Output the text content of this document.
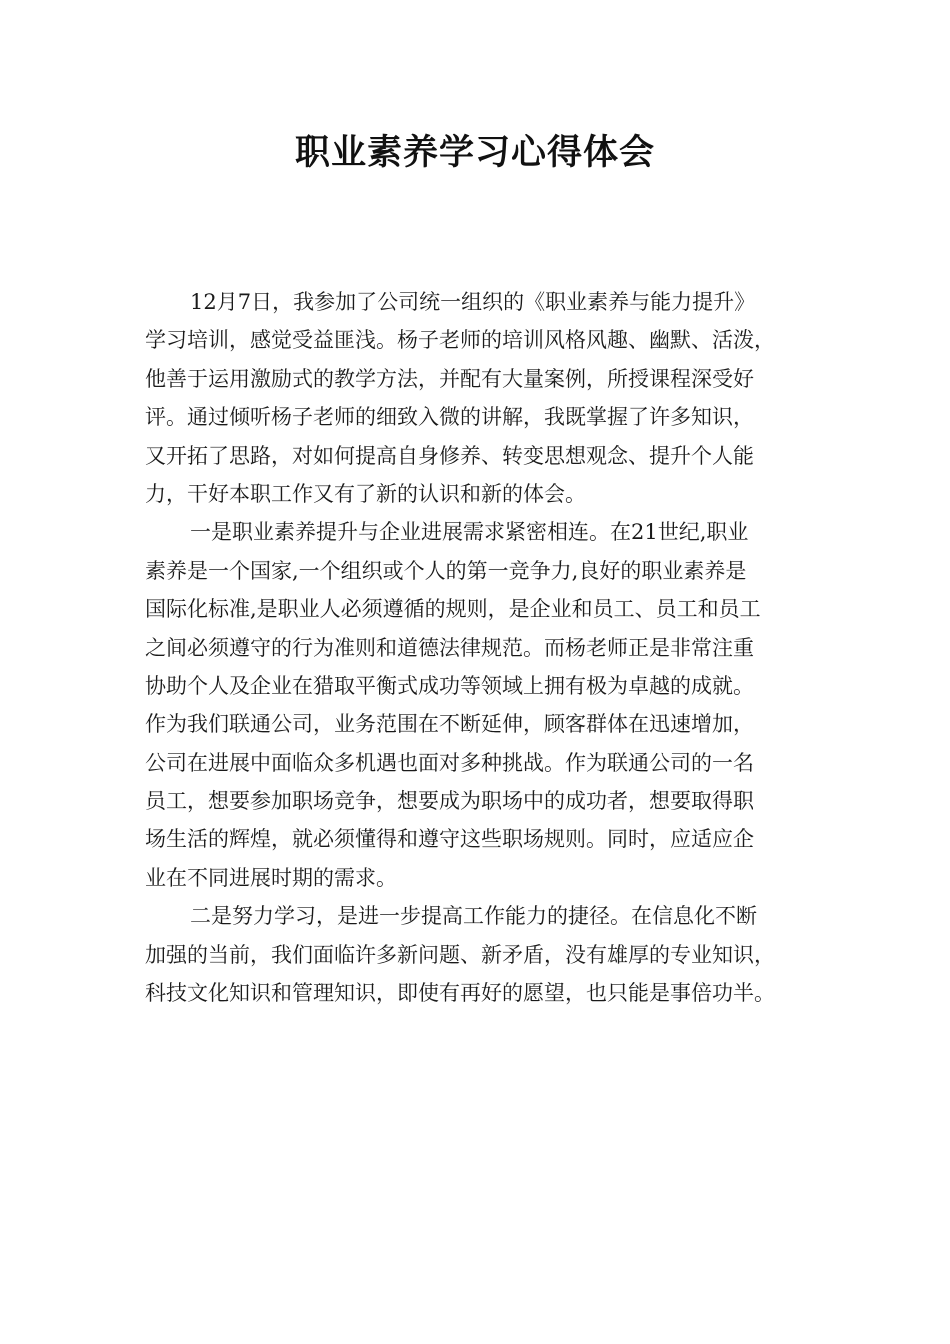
职业素养学习心得体会
12月7日，我参加了公司统一组织的《职业素养与能力提升》
学习培训，感觉受益匪浅。杨子老师的培训风格风趣、幽默、活泼，
他善于运用激励式的教学方法，并配有大量案例，所授课程深受好
评。通过倾听杨子老师的细致入微的讲解，我既掌握了许多知识，
又开拓了思路，对如何提高自身修养、转变思想观念、提升个人能
力，干好本职工作又有了新的认识和新的体会。
一是职业素养提升与企业进展需求紧密相连。在21世纪,职业
素养是一个国家,一个组织或个人的第一竞争力,良好的职业素养是
国际化标准,是职业人必须遵循的规则，是企业和员工、员工和员工
之间必须遵守的行为准则和道德法律规范。而杨老师正是非常注重
协助个人及企业在猎取平衡式成功等领域上拥有极为卓越的成就。
作为我们联通公司，业务范围在不断延伸，顾客群体在迅速增加，
公司在进展中面临众多机遇也面对多种挑战。作为联通公司的一名
员工，想要参加职场竞争，想要成为职场中的成功者，想要取得职
场生活的辉煌，就必须懂得和遵守这些职场规则。同时，应适应企
业在不同进展时期的需求。
二是努力学习，是进一步提高工作能力的捷径。在信息化不断
加强的当前，我们面临许多新问题、新矛盾，没有雄厚的专业知识，
科技文化知识和管理知识，即使有再好的愿望，也只能是事倍功半。
